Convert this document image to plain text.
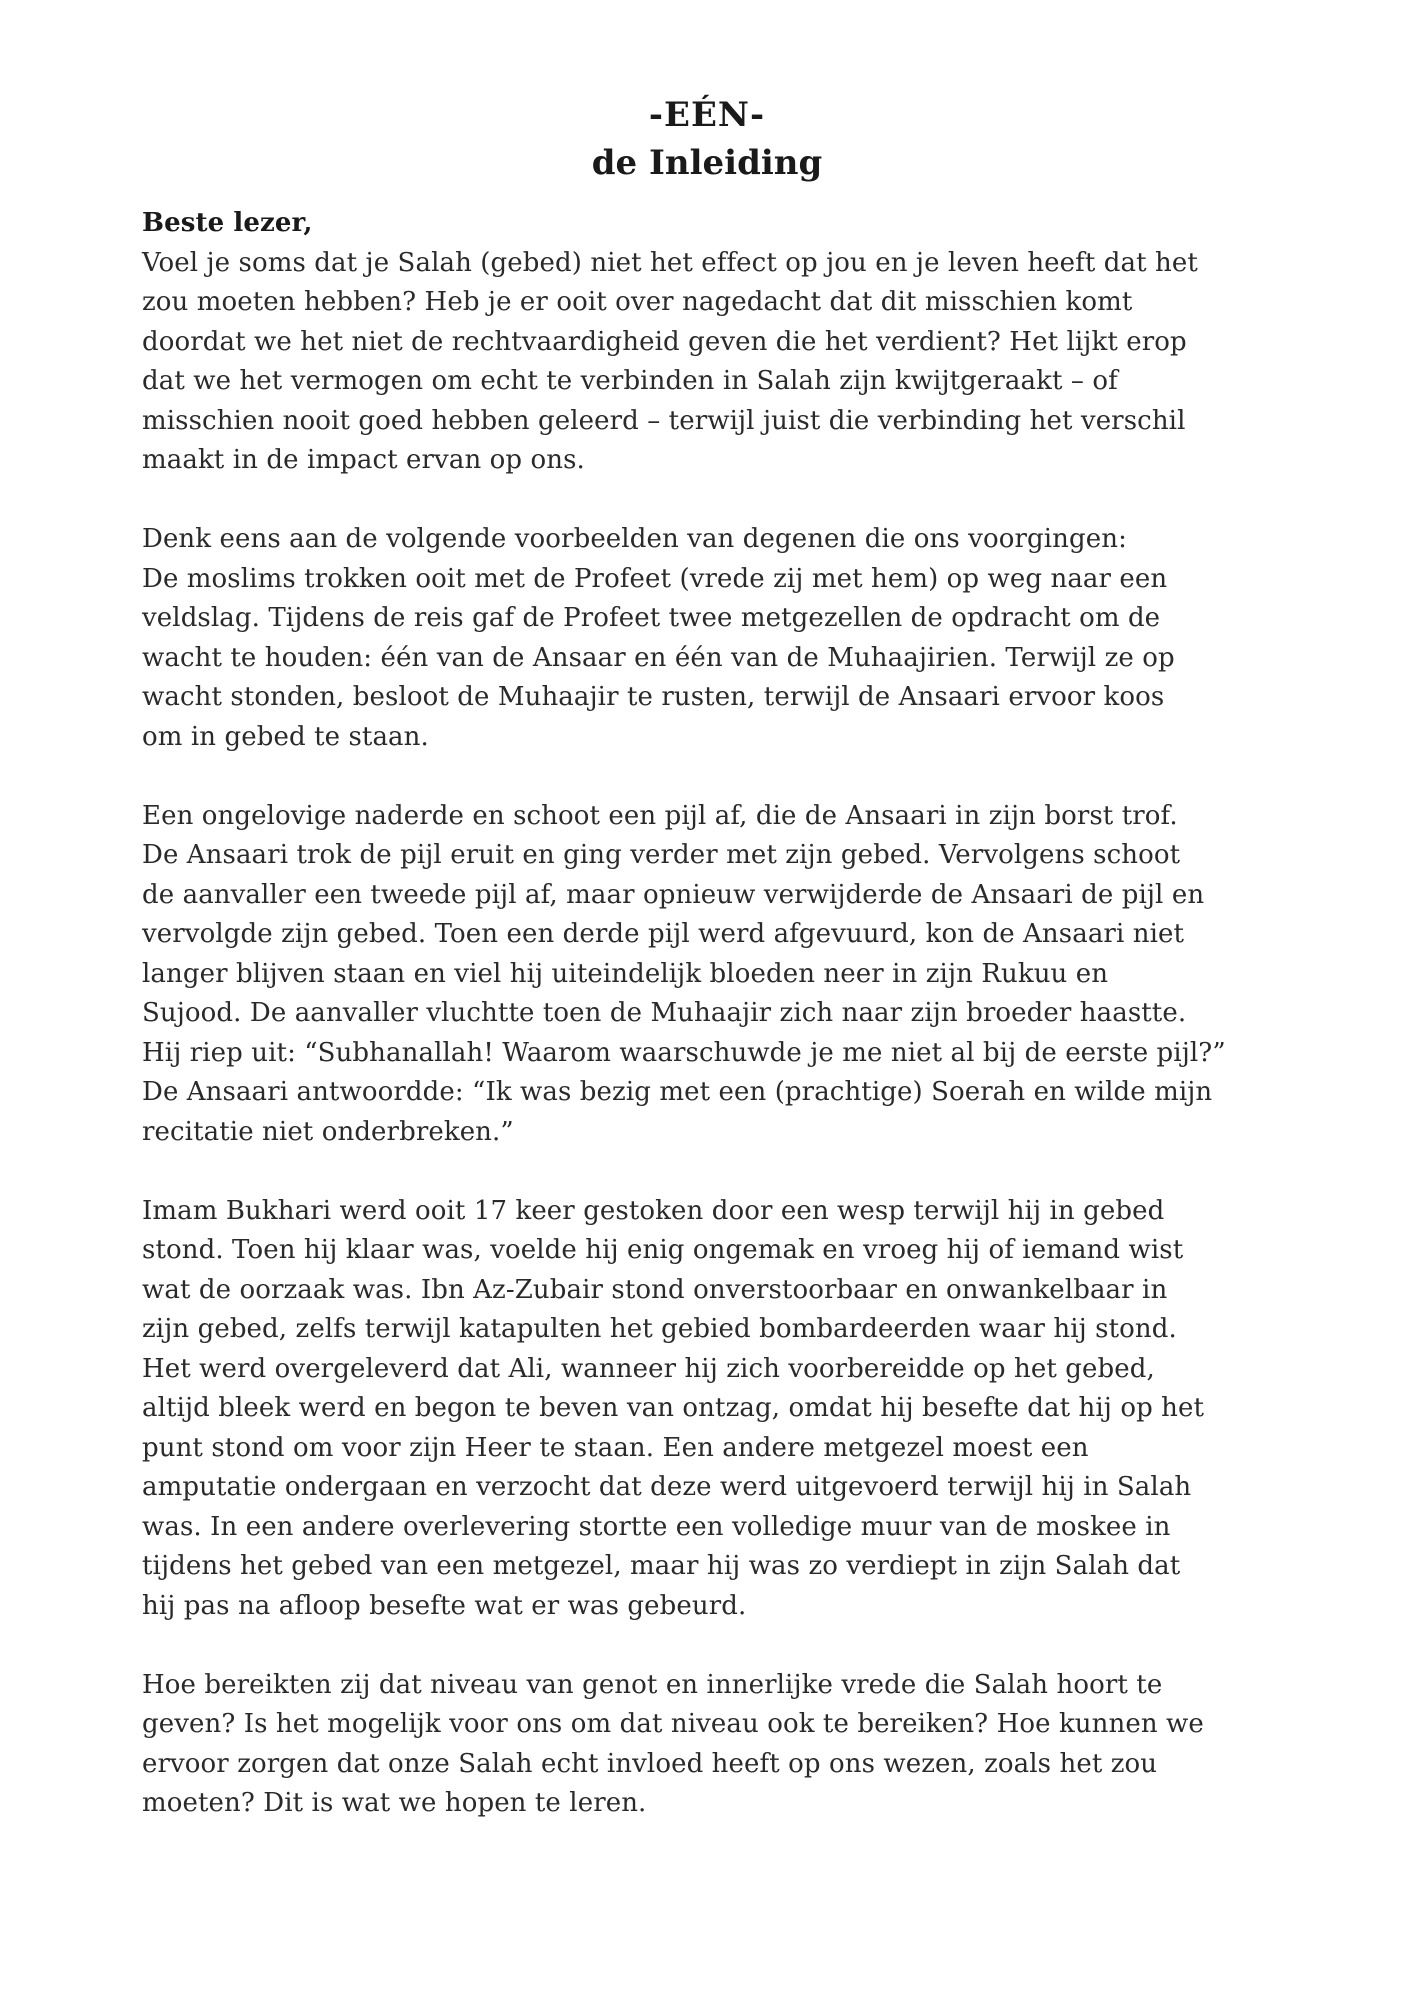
-EÉN-
de Inleiding
Beste lezer,
Voel je soms dat je Salah (gebed) niet het effect op jou en je leven heeft dat het
zou moeten hebben? Heb je er ooit over nagedacht dat dit misschien komt
doordat we het niet de rechtvaardigheid geven die het verdient? Het lijkt erop
dat we het vermogen om echt te verbinden in Salah zijn kwijtgeraakt – of
misschien nooit goed hebben geleerd – terwijl juist die verbinding het verschil
maakt in de impact ervan op ons.
Denk eens aan de volgende voorbeelden van degenen die ons voorgingen:
De moslims trokken ooit met de Profeet (vrede zij met hem) op weg naar een
veldslag. Tijdens de reis gaf de Profeet twee metgezellen de opdracht om de
wacht te houden: één van de Ansaar en één van de Muhaajirien. Terwijl ze op
wacht stonden, besloot de Muhaajir te rusten, terwijl de Ansaari ervoor koos
om in gebed te staan.
Een ongelovige naderde en schoot een pijl af, die de Ansaari in zijn borst trof.
De Ansaari trok de pijl eruit en ging verder met zijn gebed. Vervolgens schoot
de aanvaller een tweede pijl af, maar opnieuw verwijderde de Ansaari de pijl en
vervolgde zijn gebed. Toen een derde pijl werd afgevuurd, kon de Ansaari niet
langer blijven staan en viel hij uiteindelijk bloeden neer in zijn Rukuu en
Sujood. De aanvaller vluchtte toen de Muhaajir zich naar zijn broeder haastte.
Hij riep uit: “Subhanallah! Waarom waarschuwde je me niet al bij de eerste pijl?”
De Ansaari antwoordde: “Ik was bezig met een (prachtige) Soerah en wilde mijn
recitatie niet onderbreken.”
Imam Bukhari werd ooit 17 keer gestoken door een wesp terwijl hij in gebed
stond. Toen hij klaar was, voelde hij enig ongemak en vroeg hij of iemand wist
wat de oorzaak was. Ibn Az-Zubair stond onverstoorbaar en onwankelbaar in
zijn gebed, zelfs terwijl katapulten het gebied bombardeerden waar hij stond.
Het werd overgeleverd dat Ali, wanneer hij zich voorbereidde op het gebed,
altijd bleek werd en begon te beven van ontzag, omdat hij besefte dat hij op het
punt stond om voor zijn Heer te staan. Een andere metgezel moest een
amputatie ondergaan en verzocht dat deze werd uitgevoerd terwijl hij in Salah
was. In een andere overlevering stortte een volledige muur van de moskee in
tijdens het gebed van een metgezel, maar hij was zo verdiept in zijn Salah dat
hij pas na afloop besefte wat er was gebeurd.
Hoe bereikten zij dat niveau van genot en innerlijke vrede die Salah hoort te
geven? Is het mogelijk voor ons om dat niveau ook te bereiken? Hoe kunnen we
ervoor zorgen dat onze Salah echt invloed heeft op ons wezen, zoals het zou
moeten? Dit is wat we hopen te leren.
